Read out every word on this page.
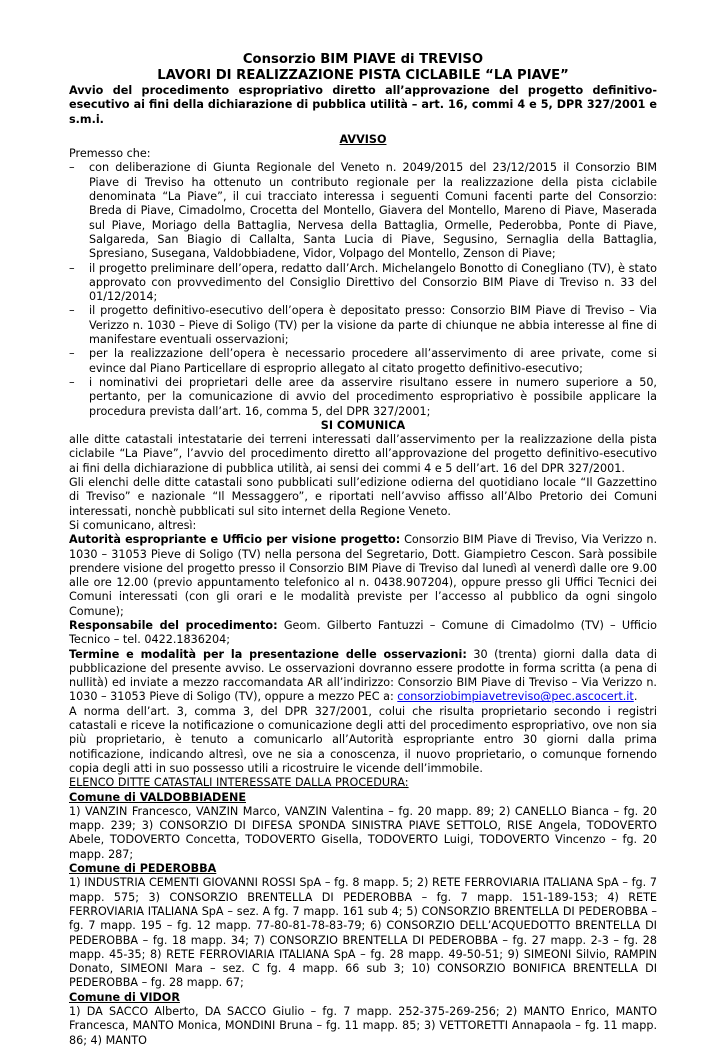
Consorzio BIM PIAVE di TREVISO
LAVORI DI REALIZZAZIONE PISTA CICLABILE “LA PIAVE”
Avvio del procedimento espropriativo diretto all’approvazione del progetto definitivo-esecutivo ai fini della dichiarazione di pubblica utilità – art. 16, commi 4 e 5, DPR 327/2001 e s.m.i.
AVVISO

Premesso che:

– con deliberazione di Giunta Regionale del Veneto n. 2049/2015 del 23/12/2015 il Consorzio BIM Piave di Treviso ha ottenuto un contributo regionale per la realizzazione della pista ciclabile denominata “La Piave”, il cui tracciato interessa i seguenti Comuni facenti parte del Consorzio: Breda di Piave, Cimadolmo, Crocetta del Montello, Giavera del Montello, Mareno di Piave, Maserada sul Piave, Moriago della Battaglia, Nervesa della Battaglia, Ormelle, Pederobba, Ponte di Piave, Salgareda, San Biagio di Callalta, Santa Lucia di Piave, Segusino, Sernaglia della Battaglia, Spresiano, Susegana, Valdobbiadene, Vidor, Volpago del Montello, Zenson di Piave;
– il progetto preliminare dell’opera, redatto dall’Arch. Michelangelo Bonotto di Conegliano (TV), è stato approvato con provvedimento del Consiglio Direttivo del Consorzio BIM Piave di Treviso n. 33 del 01/12/2014;
– il progetto definitivo-esecutivo dell’opera è depositato presso: Consorzio BIM Piave di Treviso – Via Verizzo n. 1030 – Pieve di Soligo (TV) per la visione da parte di chiunque ne abbia interesse al fine di manifestare eventuali osservazioni;
– per la realizzazione dell’opera è necessario procedere all’asservimento di aree private, come si evince dal Piano Particellare di esproprio allegato al citato progetto definitivo-esecutivo;
– i nominativi dei proprietari delle aree da asservire risultano essere in numero superiore a 50, pertanto, per la comunicazione di avvio del procedimento espropriativo è possibile applicare la procedura prevista dall’art. 16, comma 5, del DPR 327/2001;
SI COMUNICA

alle ditte catastali intestatarie dei terreni interessati dall’asservimento per la realizzazione della pista ciclabile “La Piave”, l’avvio del procedimento diretto all’approvazione del progetto definitivo-esecutivo ai fini della dichiarazione di pubblica utilità, ai sensi dei commi 4 e 5 dell’art. 16 del DPR 327/2001.

Gli elenchi delle ditte catastali sono pubblicati sull’edizione odierna del quotidiano locale “Il Gazzettino di Treviso” e nazionale “Il Messaggero”, e riportati nell’avviso affisso all’Albo Pretorio dei Comuni interessati, nonchè pubblicati sul sito internet della Regione Veneto.

Si comunicano, altresì:

Autorità espropriante e Ufficio per visione progetto: Consorzio BIM Piave di Treviso, Via Verizzo n. 1030 – 31053 Pieve di Soligo (TV) nella persona del Segretario, Dott. Giampietro Cescon. Sarà possibile prendere visione del progetto presso il Consorzio BIM Piave di Treviso dal lunedì al venerdì dalle ore 9.00 alle ore 12.00 (previo appuntamento telefonico al n. 0438.907204), oppure presso gli Uffici Tecnici dei Comuni interessati (con gli orari e le modalità previste per l’accesso al pubblico da ogni singolo Comune);

Responsabile del procedimento: Geom. Gilberto Fantuzzi – Comune di Cimadolmo (TV) – Ufficio Tecnico – tel. 0422.1836204;

Termine e modalità per la presentazione delle osservazioni: 30 (trenta) giorni dalla data di pubblicazione del presente avviso. Le osservazioni dovranno essere prodotte in forma scritta (a pena di nullità) ed inviate a mezzo raccomandata AR all’indirizzo: Consorzio BIM Piave di Treviso – Via Verizzo n. 1030 – 31053 Pieve di Soligo (TV), oppure a mezzo PEC a: consorziobimpiavetreviso@pec.ascocert.it.

A norma dell’art. 3, comma 3, del DPR 327/2001, colui che risulta proprietario secondo i registri catastali e riceve la notificazione o comunicazione degli atti del procedimento espropriativo, ove non sia più proprietario, è tenuto a comunicarlo all’Autorità espropriante entro 30 giorni dalla prima notificazione, indicando altresì, ove ne sia a conoscenza, il nuovo proprietario, o comunque fornendo copia degli atti in suo possesso utili a ricostruire le vicende dell’immobile.

ELENCO DITTE CATASTALI INTERESSATE DALLA PROCEDURA:

Comune di VALDOBBIADENE

1) VANZIN Francesco, VANZIN Marco, VANZIN Valentina – fg. 20 mapp. 89; 2) CANELLO Bianca – fg. 20 mapp. 239; 3) CONSORZIO DI DIFESA SPONDA SINISTRA PIAVE SETTOLO, RISE Angela, TODOVERTO Abele, TODOVERTO Concetta, TODOVERTO Gisella, TODOVERTO Luigi, TODOVERTO Vincenzo – fg. 20 mapp. 287;

Comune di PEDEROBBA

1) INDUSTRIA CEMENTI GIOVANNI ROSSI SpA – fg. 8 mapp. 5; 2) RETE FERROVIARIA ITALIANA SpA – fg. 7 mapp. 575; 3) CONSORZIO BRENTELLA DI PEDEROBBA – fg. 7 mapp. 151-189-153; 4) RETE FERROVIARIA ITALIANA SpA – sez. A fg. 7 mapp. 161 sub 4; 5) CONSORZIO BRENTELLA DI PEDEROBBA – fg. 7 mapp. 195 – fg. 12 mapp. 77-80-81-78-83-79; 6) CONSORZIO DELL’ACQUEDOTTO BRENTELLA DI PEDEROBBA – fg. 18 mapp. 34; 7) CONSORZIO BRENTELLA DI PEDEROBBA – fg. 27 mapp. 2-3 – fg. 28 mapp. 45-35; 8) RETE FERROVIARIA ITALIANA SpA – fg. 28 mapp. 49-50-51; 9) SIMEONI Silvio, RAMPIN Donato, SIMEONI Mara – sez. C fg. 4 mapp. 66 sub 3; 10) CONSORZIO BONIFICA BRENTELLA DI PEDEROBBA – fg. 28 mapp. 67;

Comune di VIDOR

1) DA SACCO Alberto, DA SACCO Giulio – fg. 7 mapp. 252-375-269-256; 2) MANTO Enrico, MANTO Francesca, MANTO Monica, MONDINI Bruna – fg. 11 mapp. 85; 3) VETTORETTI Annapaola – fg. 11 mapp. 86; 4) MANTO
